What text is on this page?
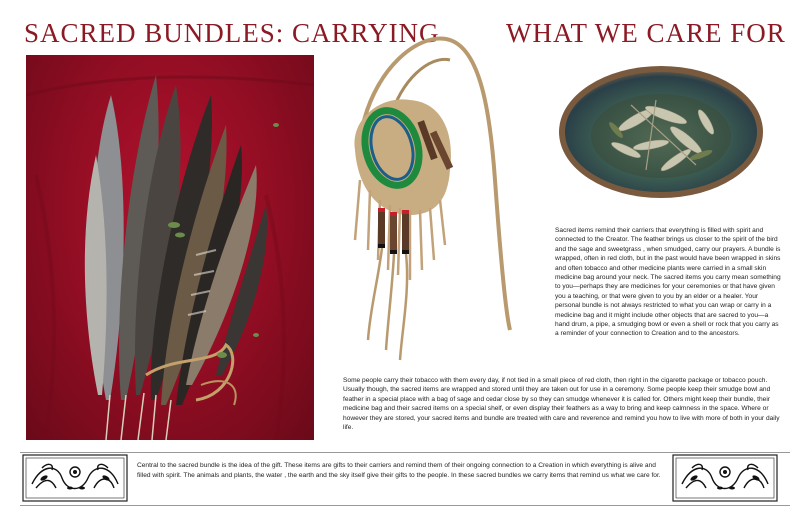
SACRED BUNDLES: CARRYING WHAT WE CARE FOR
Sacred items remind their carriers that everything is filled with spirit and connected to the Creator. The feather brings us closer to the spirit of the bird and the sage and sweetgrass , when smudged, carry our prayers. A bundle is wrapped, often in red cloth, but in the past would have been wrapped in skins and often tobacco and other medicine plants were carried in a small skin medicine bag around your neck. The sacred items you carry mean something to you—perhaps they are medicines for your ceremonies or that have given you a teaching, or that were given to you by an elder or a healer. Your personal bundle is not always restricted to what you can wrap or carry in a medicine bag and it might include other objects that are sacred to you—a hand drum, a pipe, a smudging bowl or even a shell or rock that you carry as a reminder of your connection to Creation and to the ancestors.
Some people carry their tobacco with them every day, if not tied in a small piece of red cloth, then right in the cigarette package or tobacco pouch. Usually though, the sacred items are wrapped and stored until they are taken out for use in a ceremony. Some people keep their smudge bowl and feather in a special place with a bag of sage and cedar close by so they can smudge whenever it is called for. Others might keep their bundle, their medicine bag and their sacred items on a special shelf, or even display their feathers as a way to bring and keep calmness in the space. Where or however they are stored, your sacred items and bundle are treated with care and reverence and remind you how to live with more of both in your daily life.
Central to the sacred bundle is the idea of the gift. These items are gifts to their carriers and remind them of their ongoing connection to a Creation in which everything is alive and filled with spirit. The animals and plants, the water , the earth and the sky itself give their gifts to the people. In these sacred bundles we carry items that remind us what we care for.
